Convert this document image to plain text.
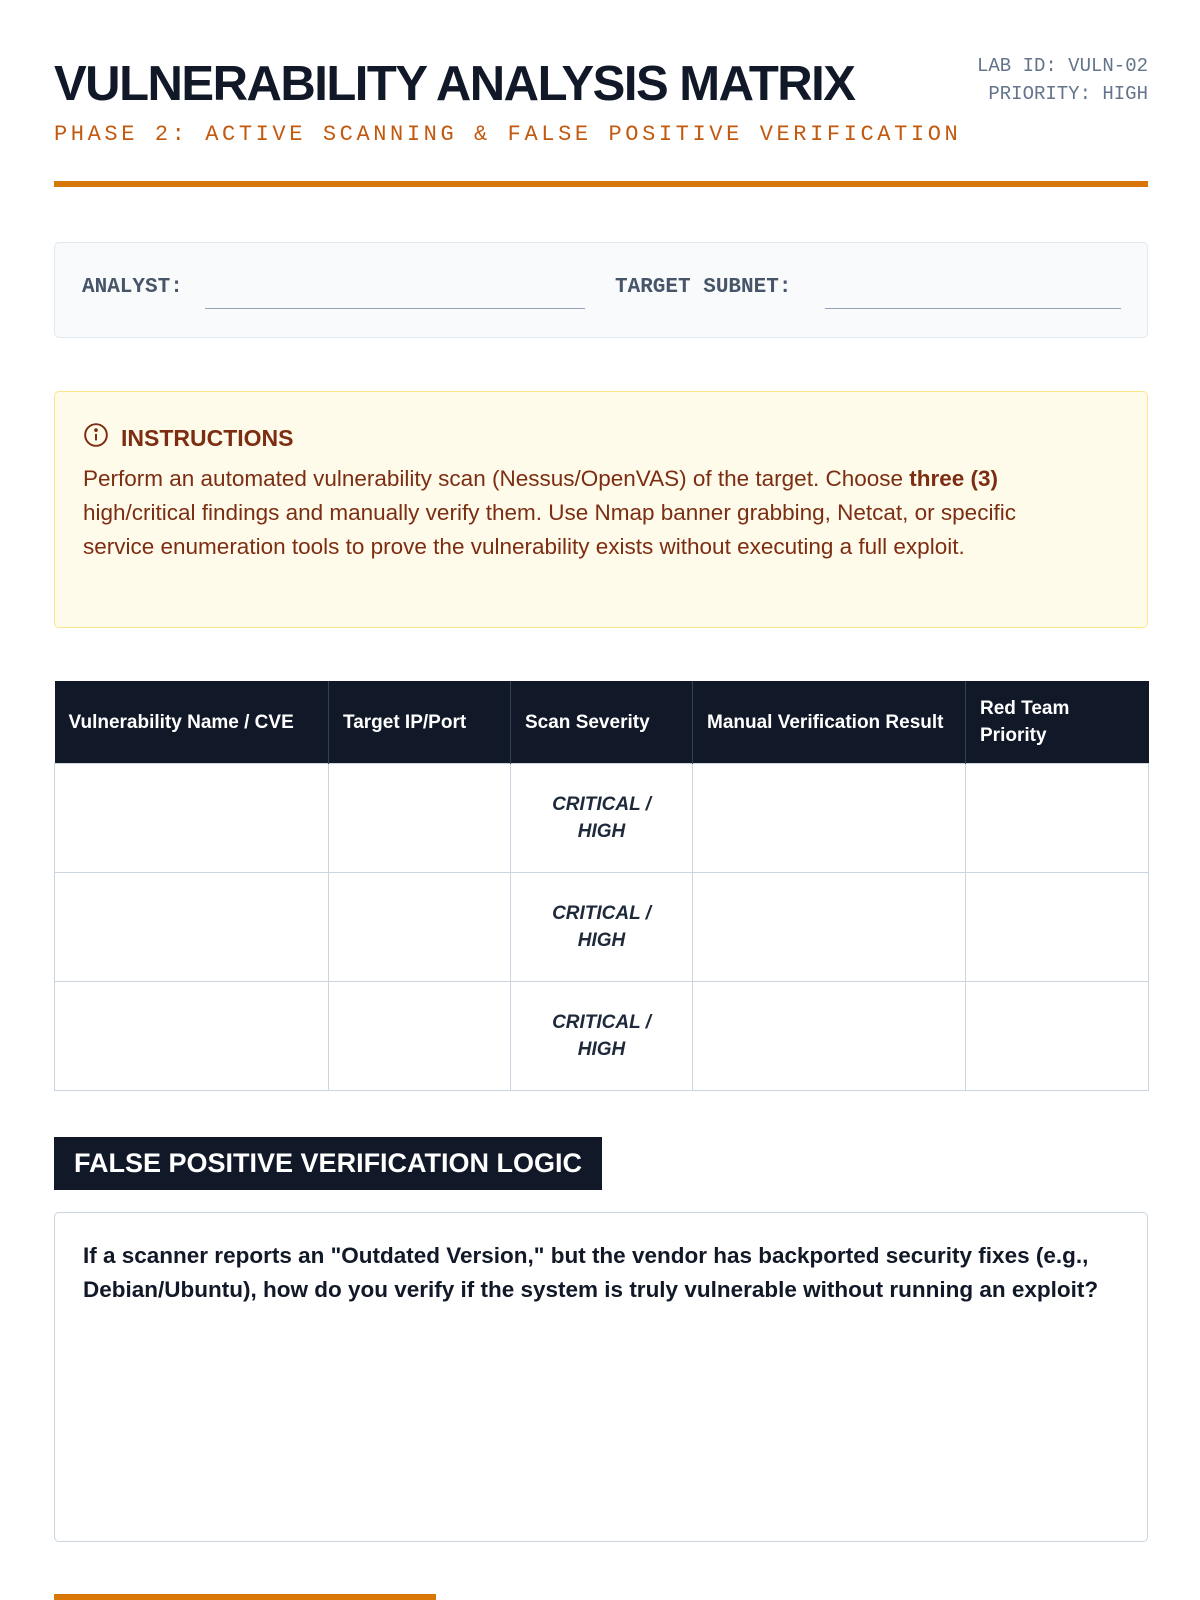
VULNERABILITY ANALYSIS MATRIX	LAB ID: VULN-02
PRIORITY: HIGH
PHASE 2: ACTIVE SCANNING & FALSE POSITIVE VERIFICATION
ANALYST:	TARGET SUBNET:
INSTRUCTIONS

Perform an automated vulnerability scan (Nessus/OpenVAS) of the target. Choose three (3) high/critical findings and manually verify them. Use Nmap banner grabbing, Netcat, or specific service enumeration tools to prove the vulnerability exists without executing a full exploit.

Vulnerability Name / CVE	Target IP/Port	Scan Severity	Manual Verification Result	Red Team Priority
		CRITICAL / HIGH		
		CRITICAL / HIGH		
		CRITICAL / HIGH		
FALSE POSITIVE VERIFICATION LOGIC

If a scanner reports an "Outdated Version," but the vendor has backported security fixes (e.g., Debian/Ubuntu), how do you verify if the system is truly vulnerable without running an exploit?
